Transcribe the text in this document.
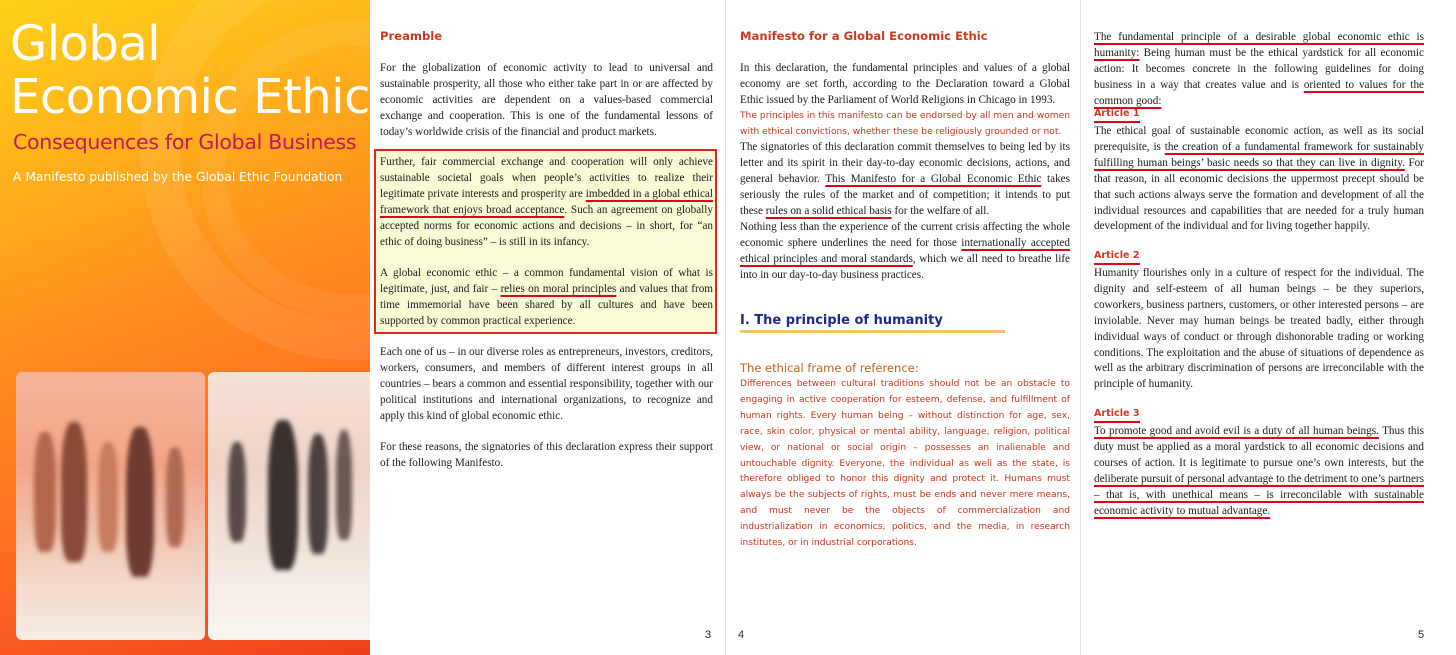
Global
Economic Ethic
Consequences for Global Business
A Manifesto published by the Global Ethic Foundation
Preamble

For the globalization of economic activity to lead to universal and sustainable prosperity, all those who either take part in or are affected by economic activities are dependent on a values-based commercial exchange and cooperation. This is one of the fundamental lessons of today’s worldwide crisis of the financial and product markets.

Further, fair commercial exchange and cooperation will only achieve sustainable societal goals when people’s activities to realize their legitimate private interests and prosperity are imbedded in a global ethical framework that enjoys broad acceptance. Such an agreement on globally accepted norms for economic actions and decisions – in short, for “an ethic of doing business” – is still in its infancy.

A global economic ethic – a common fundamental vision of what is legitimate, just, and fair – relies on moral principles and values that from time immemorial have been shared by all cultures and have been supported by common practical experience.

Each one of us – in our diverse roles as entrepreneurs, investors, creditors, workers, consumers, and members of different interest groups in all countries – bears a common and essential responsibility, together with our political institutions and international organizations, to recognize and apply this kind of global economic ethic.

For these reasons, the signatories of this declaration express their support of the following Manifesto.

3
Manifesto for a Global Economic Ethic

In this declaration, the fundamental principles and values of a global economy are set forth, according to the Declaration toward a Global Ethic issued by the Parliament of World Religions in Chicago in 1993.

The principles in this manifesto can be endorsed by all men and women with ethical convictions, whether these be religiously grounded or not.

The signatories of this declaration commit themselves to being led by its letter and its spirit in their day-to-day economic decisions, actions, and general behavior. This Manifesto for a Global Economic Ethic takes seriously the rules of the market and of competition; it intends to put these rules on a solid ethical basis for the welfare of all.

Nothing less than the experience of the current crisis affecting the whole economic sphere underlines the need for those internationally accepted ethical principles and moral standards, which we all need to breathe life into in our day-to-day business practices.

I. The principle of humanity
The ethical frame of reference:

Differences between cultural traditions should not be an obstacle to engaging in active cooperation for esteem, defense, and fulfillment of human rights. Every human being – without distinction for age, sex, race, skin color, physical or mental ability, language, religion, political view, or national or social origin – possesses an inalienable and untouchable dignity. Everyone, the individual as well as the state, is therefore obliged to honor this dignity and protect it. Humans must always be the subjects of rights, must be ends and never mere means, and must never be the objects of commercialization and industrialization in economics, politics, and the media, in research institutes, or in industrial corporations.

4

The fundamental principle of a desirable global economic ethic is humanity: Being human must be the ethical yardstick for all economic action: It becomes concrete in the following guidelines for doing business in a way that creates value and is oriented to values for the common good:

Article 1

The ethical goal of sustainable economic action, as well as its social prerequisite, is the creation of a fundamental framework for sustainably fulfilling human beings’ basic needs so that they can live in dignity. For that reason, in all economic decisions the uppermost precept should be that such actions always serve the formation and development of all the individual resources and capabilities that are needed for a truly human development of the individual and for living together happily.

Article 2

Humanity flourishes only in a culture of respect for the individual. The dignity and self-esteem of all human beings – be they superiors, coworkers, business partners, customers, or other interested persons – are inviolable. Never may human beings be treated badly, either through individual ways of conduct or through dishonorable trading or working conditions. The exploitation and the abuse of situations of dependence as well as the arbitrary discrimination of persons are irreconcilable with the principle of humanity.

Article 3

To promote good and avoid evil is a duty of all human beings. Thus this duty must be applied as a moral yardstick to all economic decisions and courses of action. It is legitimate to pursue one’s own interests, but the deliberate pursuit of personal advantage to the detriment to one’s partners – that is, with unethical means – is irreconcilable with sustainable economic activity to mutual advantage.

5
